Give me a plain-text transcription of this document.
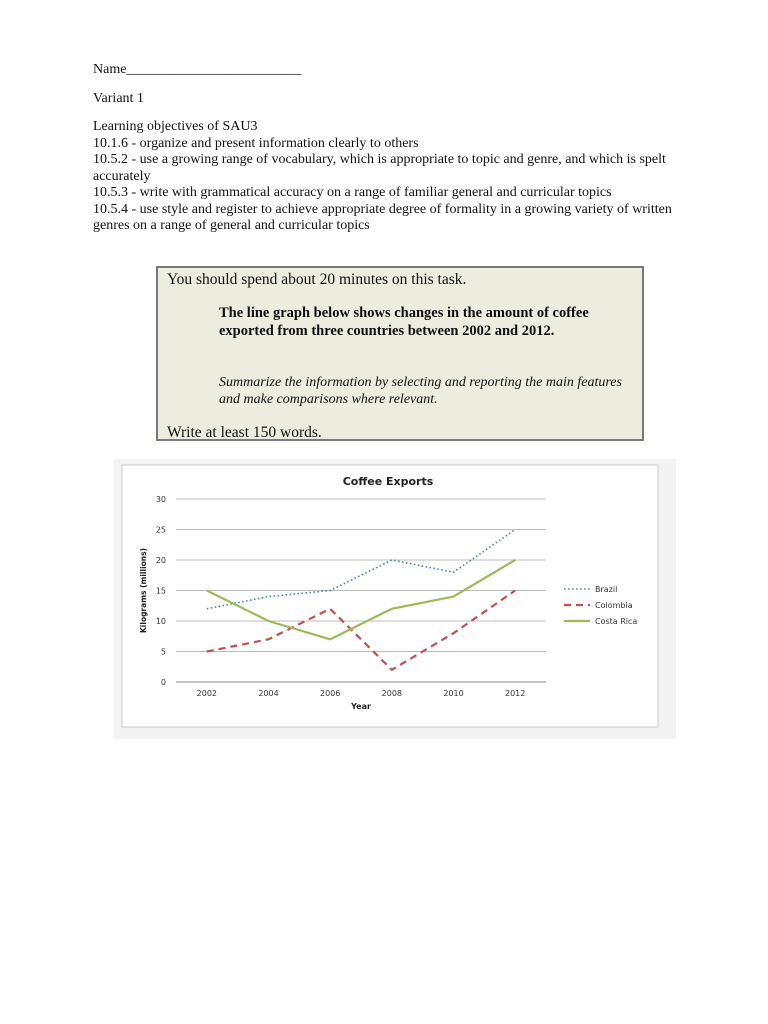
Name_________________________

Variant 1

Learning objectives of SAU3

10.1.6 - organize and present information clearly to others

10.5.2 - use a growing range of vocabulary, which is appropriate to topic and genre, and which is spelt accurately

10.5.3 - write with grammatical accuracy on a range of familiar general and curricular topics

10.5.4 - use style and register to achieve appropriate degree of formality in a growing variety of written genres on a range of general and curricular topics

You should spend about 20 minutes on this task.
The line graph below shows changes in the amount of coffee exported from three countries between 2002 and 2012.
Summarize the information by selecting and reporting the main features and make comparisons where relevant.
Write at least 150 words.
Coffee Exports
0
5
10
15
20
25
30
2002	2004	2006	2008	2010	2012
Year
Kilograms (millions)	Brazil
Colombia
Costa Rica
